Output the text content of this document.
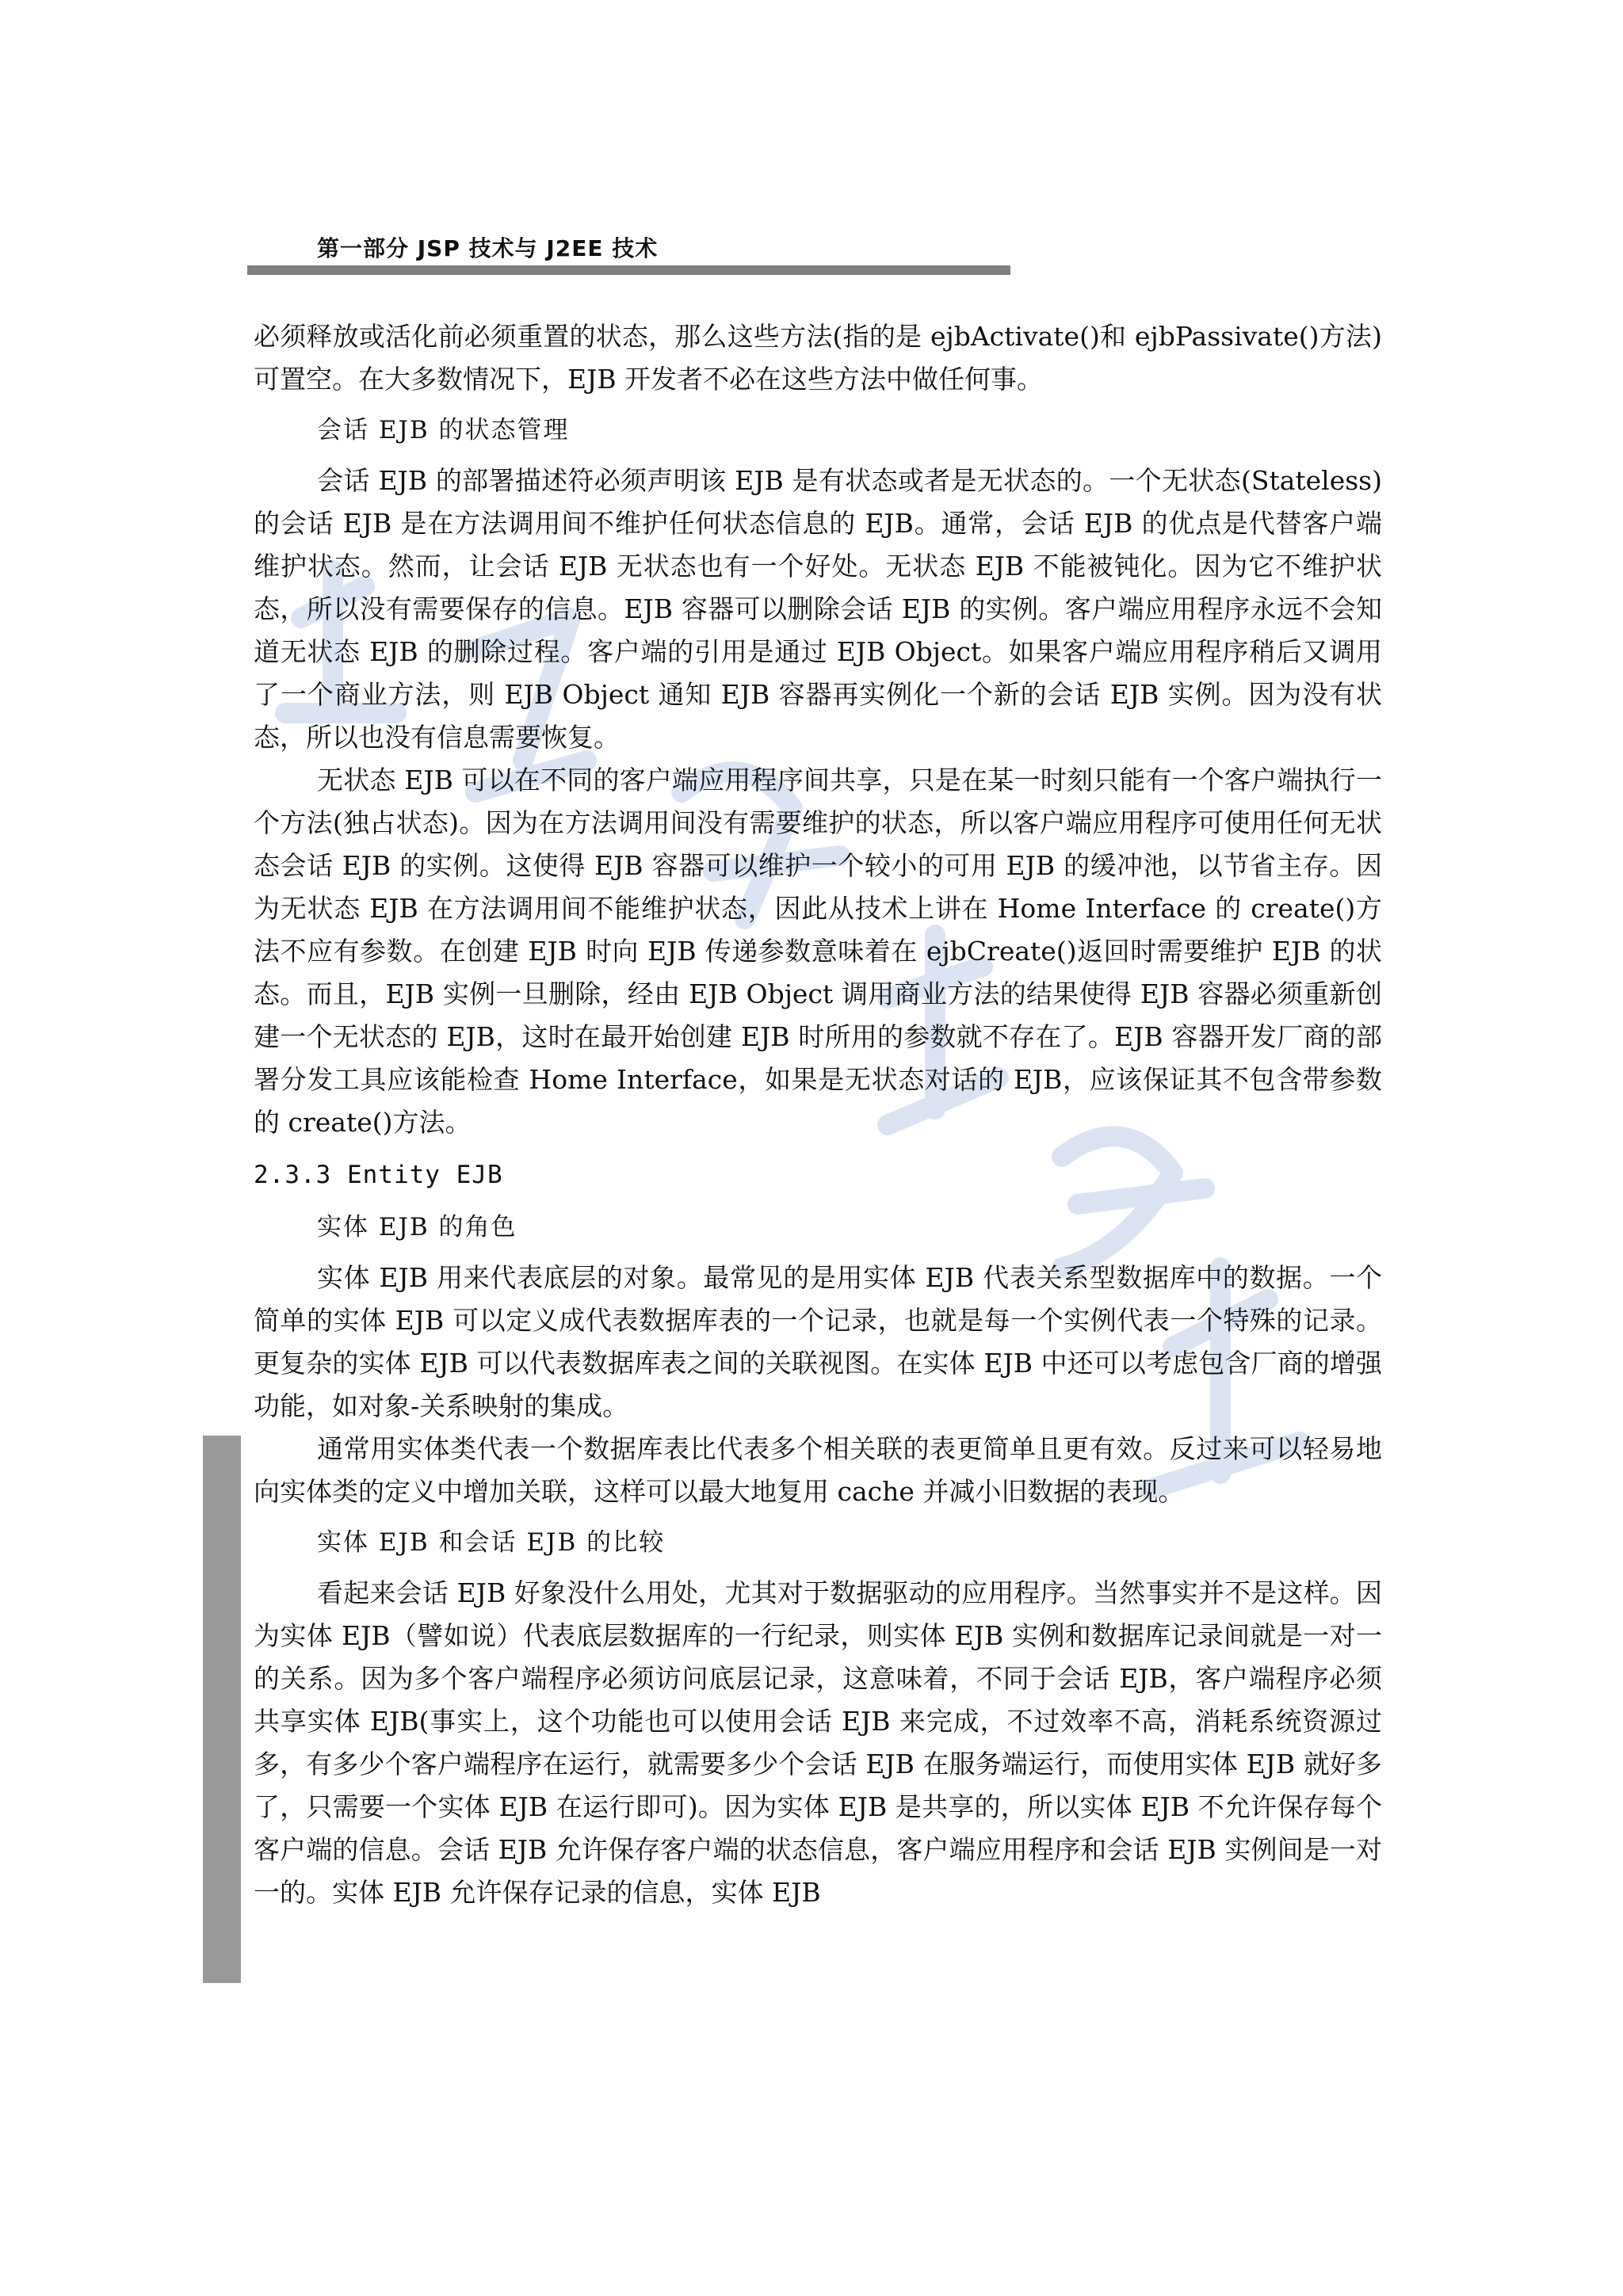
第一部分 JSP 技术与 J2EE 技术

必须释放或活化前必须重置的状态，那么这些方法(指的是 ejbActivate()和 ejbPassivate()方法)可置空。在大多数情况下，EJB 开发者不必在这些方法中做任何事。

会话 EJB 的状态管理

会话 EJB 的部署描述符必须声明该 EJB 是有状态或者是无状态的。一个无状态(Stateless)的会话 EJB 是在方法调用间不维护任何状态信息的 EJB。通常，会话 EJB 的优点是代替客户端维护状态。然而，让会话 EJB 无状态也有一个好处。无状态 EJB 不能被钝化。因为它不维护状态，所以没有需要保存的信息。EJB 容器可以删除会话 EJB 的实例。客户端应用程序永远不会知道无状态 EJB 的删除过程。客户端的引用是通过 EJB Object。如果客户端应用程序稍后又调用了一个商业方法，则 EJB Object 通知 EJB 容器再实例化一个新的会话 EJB 实例。因为没有状态，所以也没有信息需要恢复。

无状态 EJB 可以在不同的客户端应用程序间共享，只是在某一时刻只能有一个客户端执行一个方法(独占状态)。因为在方法调用间没有需要维护的状态，所以客户端应用程序可使用任何无状态会话 EJB 的实例。这使得 EJB 容器可以维护一个较小的可用 EJB 的缓冲池，以节省主存。因为无状态 EJB 在方法调用间不能维护状态，因此从技术上讲在 Home Interface 的 create()方法不应有参数。在创建 EJB 时向 EJB 传递参数意味着在 ejbCreate()返回时需要维护 EJB 的状态。而且，EJB 实例一旦删除，经由 EJB Object 调用商业方法的结果使得 EJB 容器必须重新创建一个无状态的 EJB，这时在最开始创建 EJB 时所用的参数就不存在了。EJB 容器开发厂商的部署分发工具应该能检查 Home Interface，如果是无状态对话的 EJB，应该保证其不包含带参数的 create()方法。

2.3.3 Entity EJB
实体 EJB 的角色

实体 EJB 用来代表底层的对象。最常见的是用实体 EJB 代表关系型数据库中的数据。一个简单的实体 EJB 可以定义成代表数据库表的一个记录，也就是每一个实例代表一个特殊的记录。更复杂的实体 EJB 可以代表数据库表之间的关联视图。在实体 EJB 中还可以考虑包含厂商的增强功能，如对象-关系映射的集成。

通常用实体类代表一个数据库表比代表多个相关联的表更简单且更有效。反过来可以轻易地向实体类的定义中增加关联，这样可以最大地复用 cache 并减小旧数据的表现。

实体 EJB 和会话 EJB 的比较

看起来会话 EJB 好象没什么用处，尤其对于数据驱动的应用程序。当然事实并不是这样。因为实体 EJB（譬如说）代表底层数据库的一行纪录，则实体 EJB 实例和数据库记录间就是一对一的关系。因为多个客户端程序必须访问底层记录，这意味着，不同于会话 EJB，客户端程序必须共享实体 EJB(事实上，这个功能也可以使用会话 EJB 来完成，不过效率不高，消耗系统资源过多，有多少个客户端程序在运行，就需要多少个会话 EJB 在服务端运行，而使用实体 EJB 就好多了，只需要一个实体 EJB 在运行即可)。因为实体 EJB 是共享的，所以实体 EJB 不允许保存每个客户端的信息。会话 EJB 允许保存客户端的状态信息，客户端应用程序和会话 EJB 实例间是一对一的。实体 EJB 允许保存记录的信息，实体 EJB
